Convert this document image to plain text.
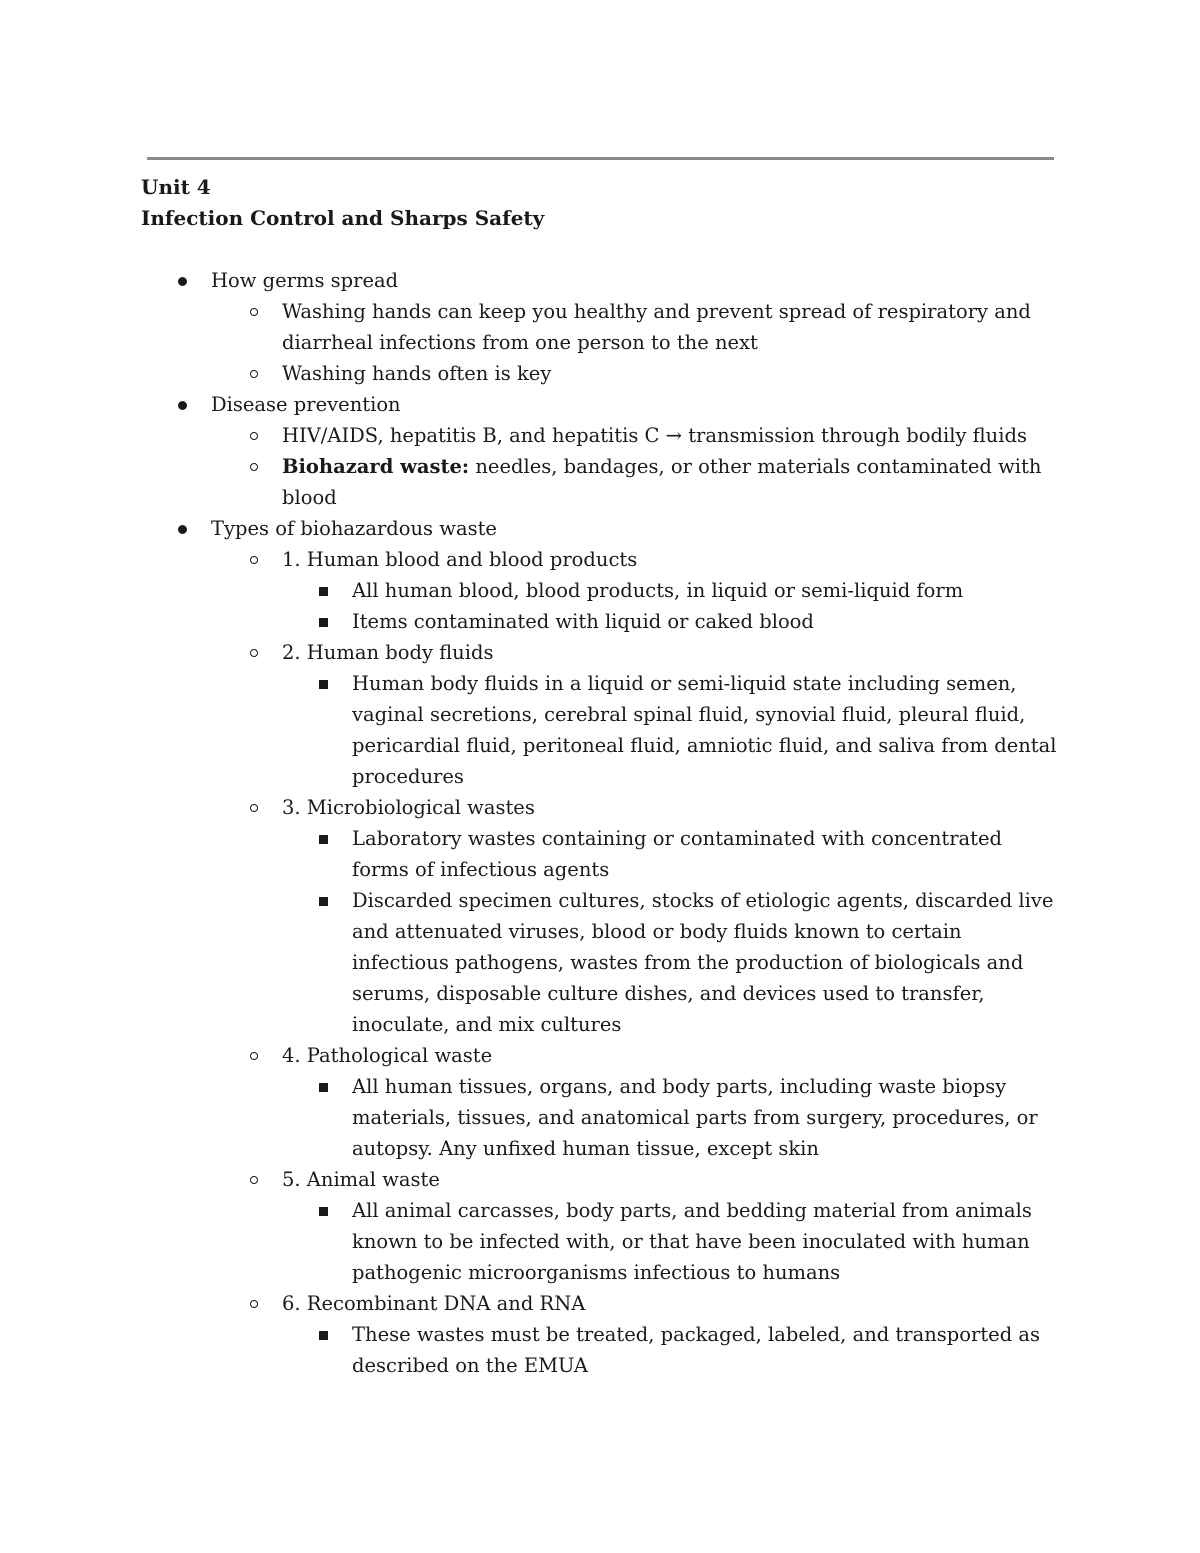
Unit 4
Infection Control and Sharps Safety
How germs spread
Washing hands can keep you healthy and prevent spread of respiratory and diarrheal infections from one person to the next
Washing hands often is key
Disease prevention
HIV/AIDS, hepatitis B, and hepatitis C → transmission through bodily fluids
Biohazard waste: needles, bandages, or other materials contaminated with blood
Types of biohazardous waste
1. Human blood and blood products
All human blood, blood products, in liquid or semi-liquid form
Items contaminated with liquid or caked blood
2. Human body fluids
Human body fluids in a liquid or semi-liquid state including semen, vaginal secretions, cerebral spinal fluid, synovial fluid, pleural fluid, pericardial fluid, peritoneal fluid, amniotic fluid, and saliva from dental procedures
3. Microbiological wastes
Laboratory wastes containing or contaminated with concentrated forms of infectious agents
Discarded specimen cultures, stocks of etiologic agents, discarded live and attenuated viruses, blood or body fluids known to certain infectious pathogens, wastes from the production of biologicals and serums, disposable culture dishes, and devices used to transfer, inoculate, and mix cultures
4. Pathological waste
All human tissues, organs, and body parts, including waste biopsy materials, tissues, and anatomical parts from surgery, procedures, or autopsy. Any unfixed human tissue, except skin
5. Animal waste
All animal carcasses, body parts, and bedding material from animals known to be infected with, or that have been inoculated with human pathogenic microorganisms infectious to humans
6. Recombinant DNA and RNA
These wastes must be treated, packaged, labeled, and transported as described on the EMUA
